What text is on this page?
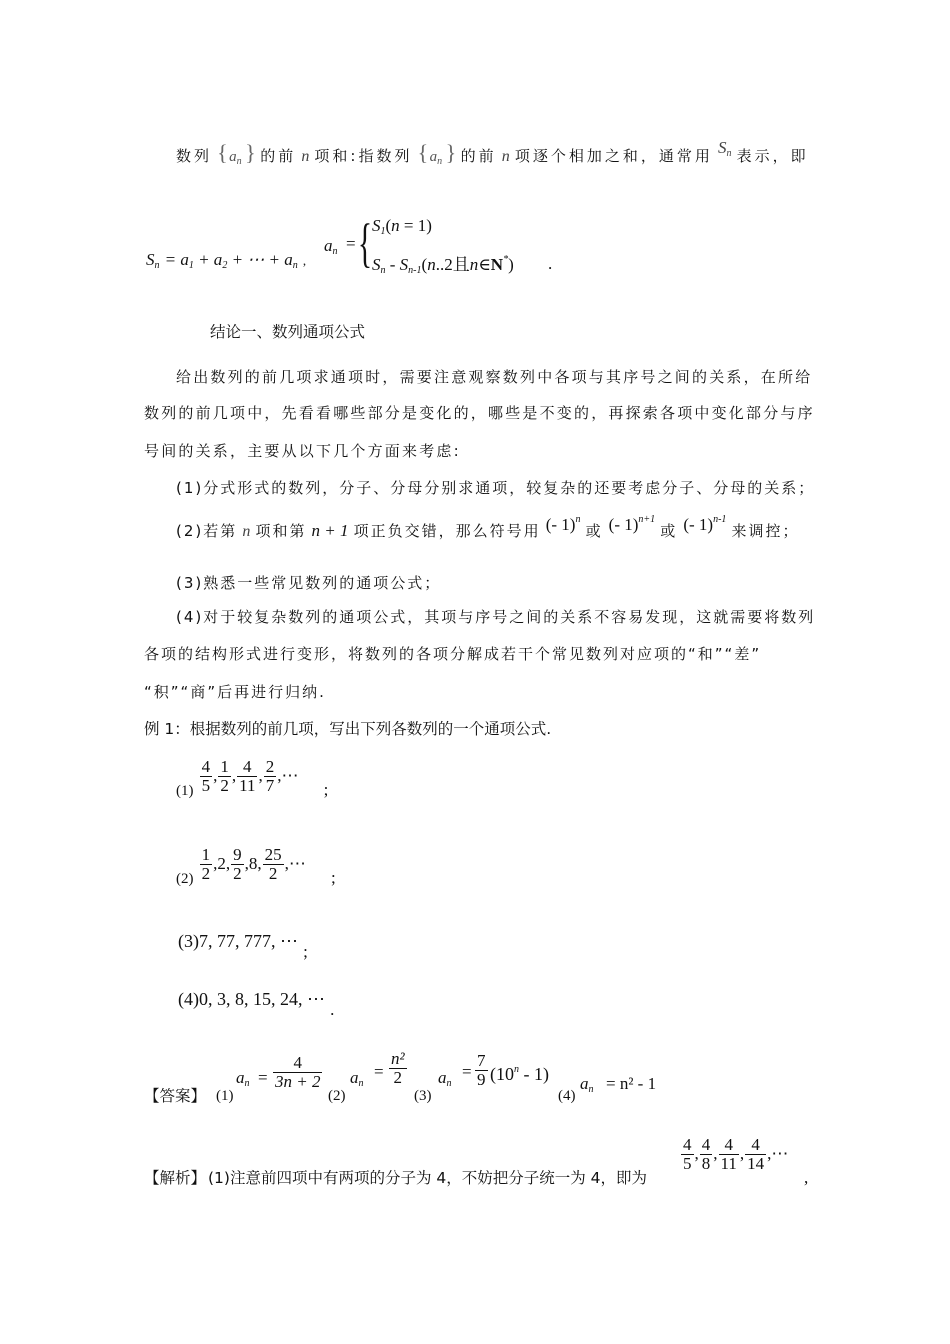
数列 { $a_n$ } 的前 n 项和:指数列 { $a_n$ } 的前 n 项逐个相加之和，通常用 $S_n$ 表示，即
$S_n = a_1 + a_2$ + ⋯ + $a_n$ ,
$a_n$ = { $S_1(n = 1)$
$S_n - S_{n-1}(n..2$且n∈N*) .
结论一、数列通项公式
给出数列的前几项求通项时，需要注意观察数列中各项与其序号之间的关系，在所给
数列的前几项中，先看看哪些部分是变化的，哪些是不变的，再探索各项中变化部分与序
号间的关系，主要从以下几个方面来考虑:
(1)分式形式的数列，分子、分母分别求通项，较复杂的还要考虑分子、分母的关系；
(2)若第 n 项和第 n + 1 项正负交错，那么符号用 (- 1)$^n$ 或 (- 1)$^{n+1}$ 或 (- 1)$^{n-1}$ 来调控；
(3)熟悉一些常见数列的通项公式；
(4)对于较复杂数列的通项公式，其项与序号之间的关系不容易发现，这就需要将数列
各项的结构形式进行变形，将数列的各项分解成若干个常见数列对应项的“和”“差”
“积”“商”后再进行归纳.
例 1：根据数列的前几项，写出下列各数列的一个通项公式.
$(1) \frac{4}{5}$ , $\frac{1}{2}$ , $\frac{4}{11}$ , $\frac{2}{7}$ ,⋯ ;
$(2) \frac{1}{2} ,2$, $\frac{9}{2} ,8$, $\frac{25}{2}$ ,⋯ ;
(3)7, 77, 777, ⋯ ;
(4)0, 3, 8, 15, 24, ⋯ .
【答案】 (1)
$a_n$ =
4
3n + 2
(2)
$a_n$
=
n²
2
(3)
$a_n$
=
7
9 (10$^n$ - 1)
(4)
$a_n = n^2 - 1$
【解析】 (1)注意前四项中有两项的分子为 4，不妨把分子统一为 4，即为
$\frac{4}{5}$ , $\frac{4}{8}$ , $\frac{4}{11}$ , $\frac{4}{14}$ ,⋯
,
